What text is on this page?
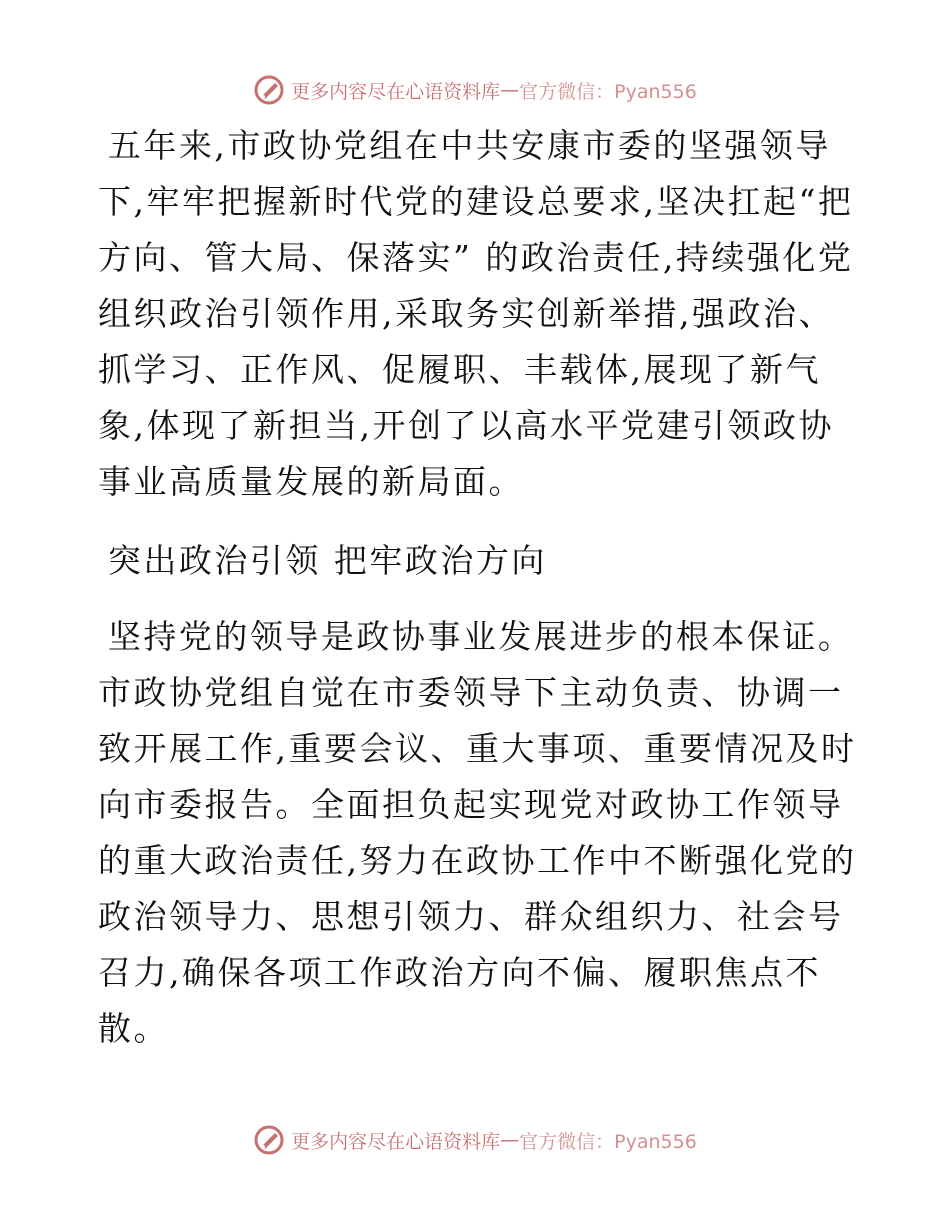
更多内容尽在心语资料库 — 官方微信：Pyan556

五年来,市政协党组在中共安康市委的坚强领导下,牢牢把握新时代党的建设总要求,坚决扛起“把方向、管大局、保落实” 的政治责任,持续强化党组织政治引领作用,采取务实创新举措,强政治、抓学习、正作风、促履职、丰载体,展现了新气象,体现了新担当,开创了以高水平党建引领政协事业高质量发展的新局面。

突出政治引领 把牢政治方向

坚持党的领导是政协事业发展进步的根本保证。市政协党组自觉在市委领导下主动负责、协调一致开展工作,重要会议、重大事项、重要情况及时向市委报告。全面担负起实现党对政协工作领导的重大政治责任,努力在政协工作中不断强化党的政治领导力、思想引领力、群众组织力、社会号召力,确保各项工作政治方向不偏、履职焦点不散。

更多内容尽在心语资料库 — 官方微信：Pyan556
